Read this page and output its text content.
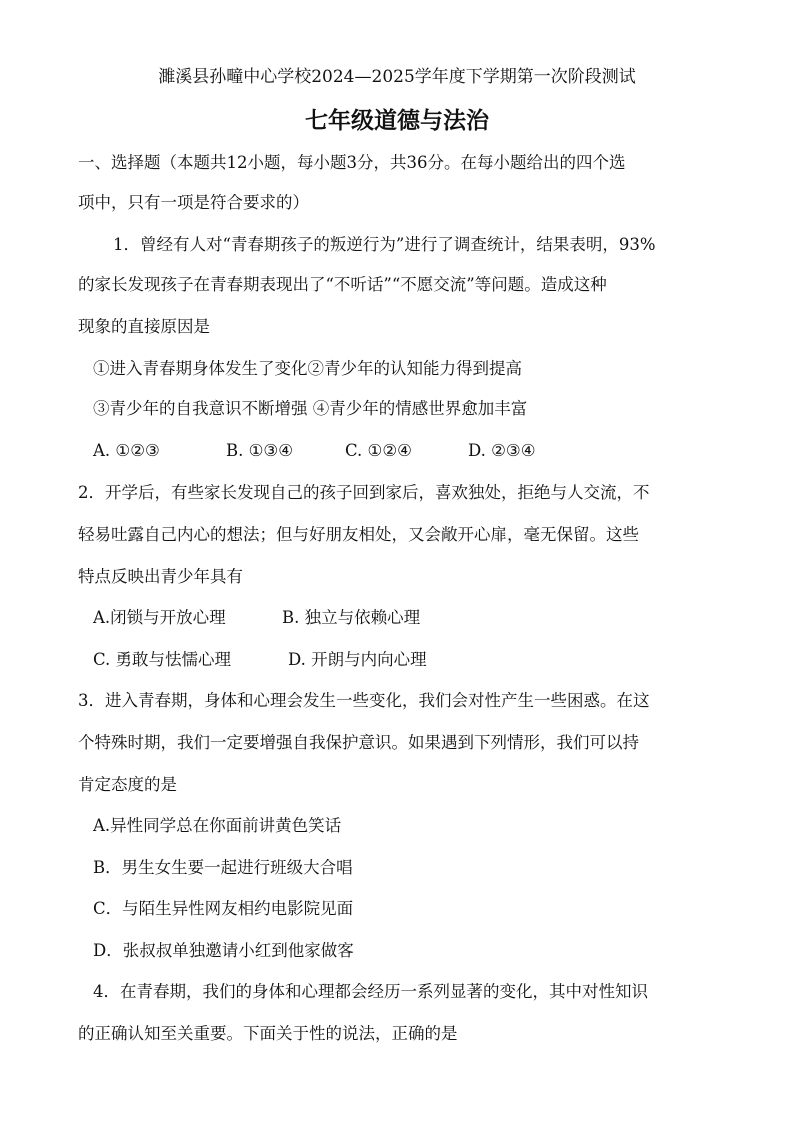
濉溪县孙疃中心学校2024—2025学年度下学期第一次阶段测试
七年级道德与法治
一、选择题（本题共12小题，每小题3分，共36分。在每小题给出的四个选
项中，只有一项是符合要求的）
1．曾经有人对“青春期孩子的叛逆行为”进行了调查统计，结果表明，93%
的家长发现孩子在青春期表现出了“不听话”“不愿交流”等问题。造成这种
现象的直接原因是
①进入青春期身体发生了变化②青少年的认知能力得到提高
③青少年的自我意识不断增强 ④青少年的情感世界愈加丰富
A. ①②③	B. ①③④	C. ①②④	D. ②③④
2．开学后，有些家长发现自己的孩子回到家后，喜欢独处，拒绝与人交流，不
轻易吐露自己内心的想法；但与好朋友相处，又会敞开心扉，毫无保留。这些
特点反映出青少年具有
A.闭锁与开放心理	B. 独立与依赖心理
C. 勇敢与怯懦心理	D. 开朗与内向心理
3．进入青春期，身体和心理会发生一些变化，我们会对性产生一些困惑。在这
个特殊时期，我们一定要增强自我保护意识。如果遇到下列情形，我们可以持
肯定态度的是
A.异性同学总在你面前讲黄色笑话
B．男生女生要一起进行班级大合唱
C．与陌生异性网友相约电影院见面
D．张叔叔单独邀请小红到他家做客
4．在青春期，我们的身体和心理都会经历一系列显著的变化，其中对性知识
的正确认知至关重要。下面关于性的说法，正确的是
